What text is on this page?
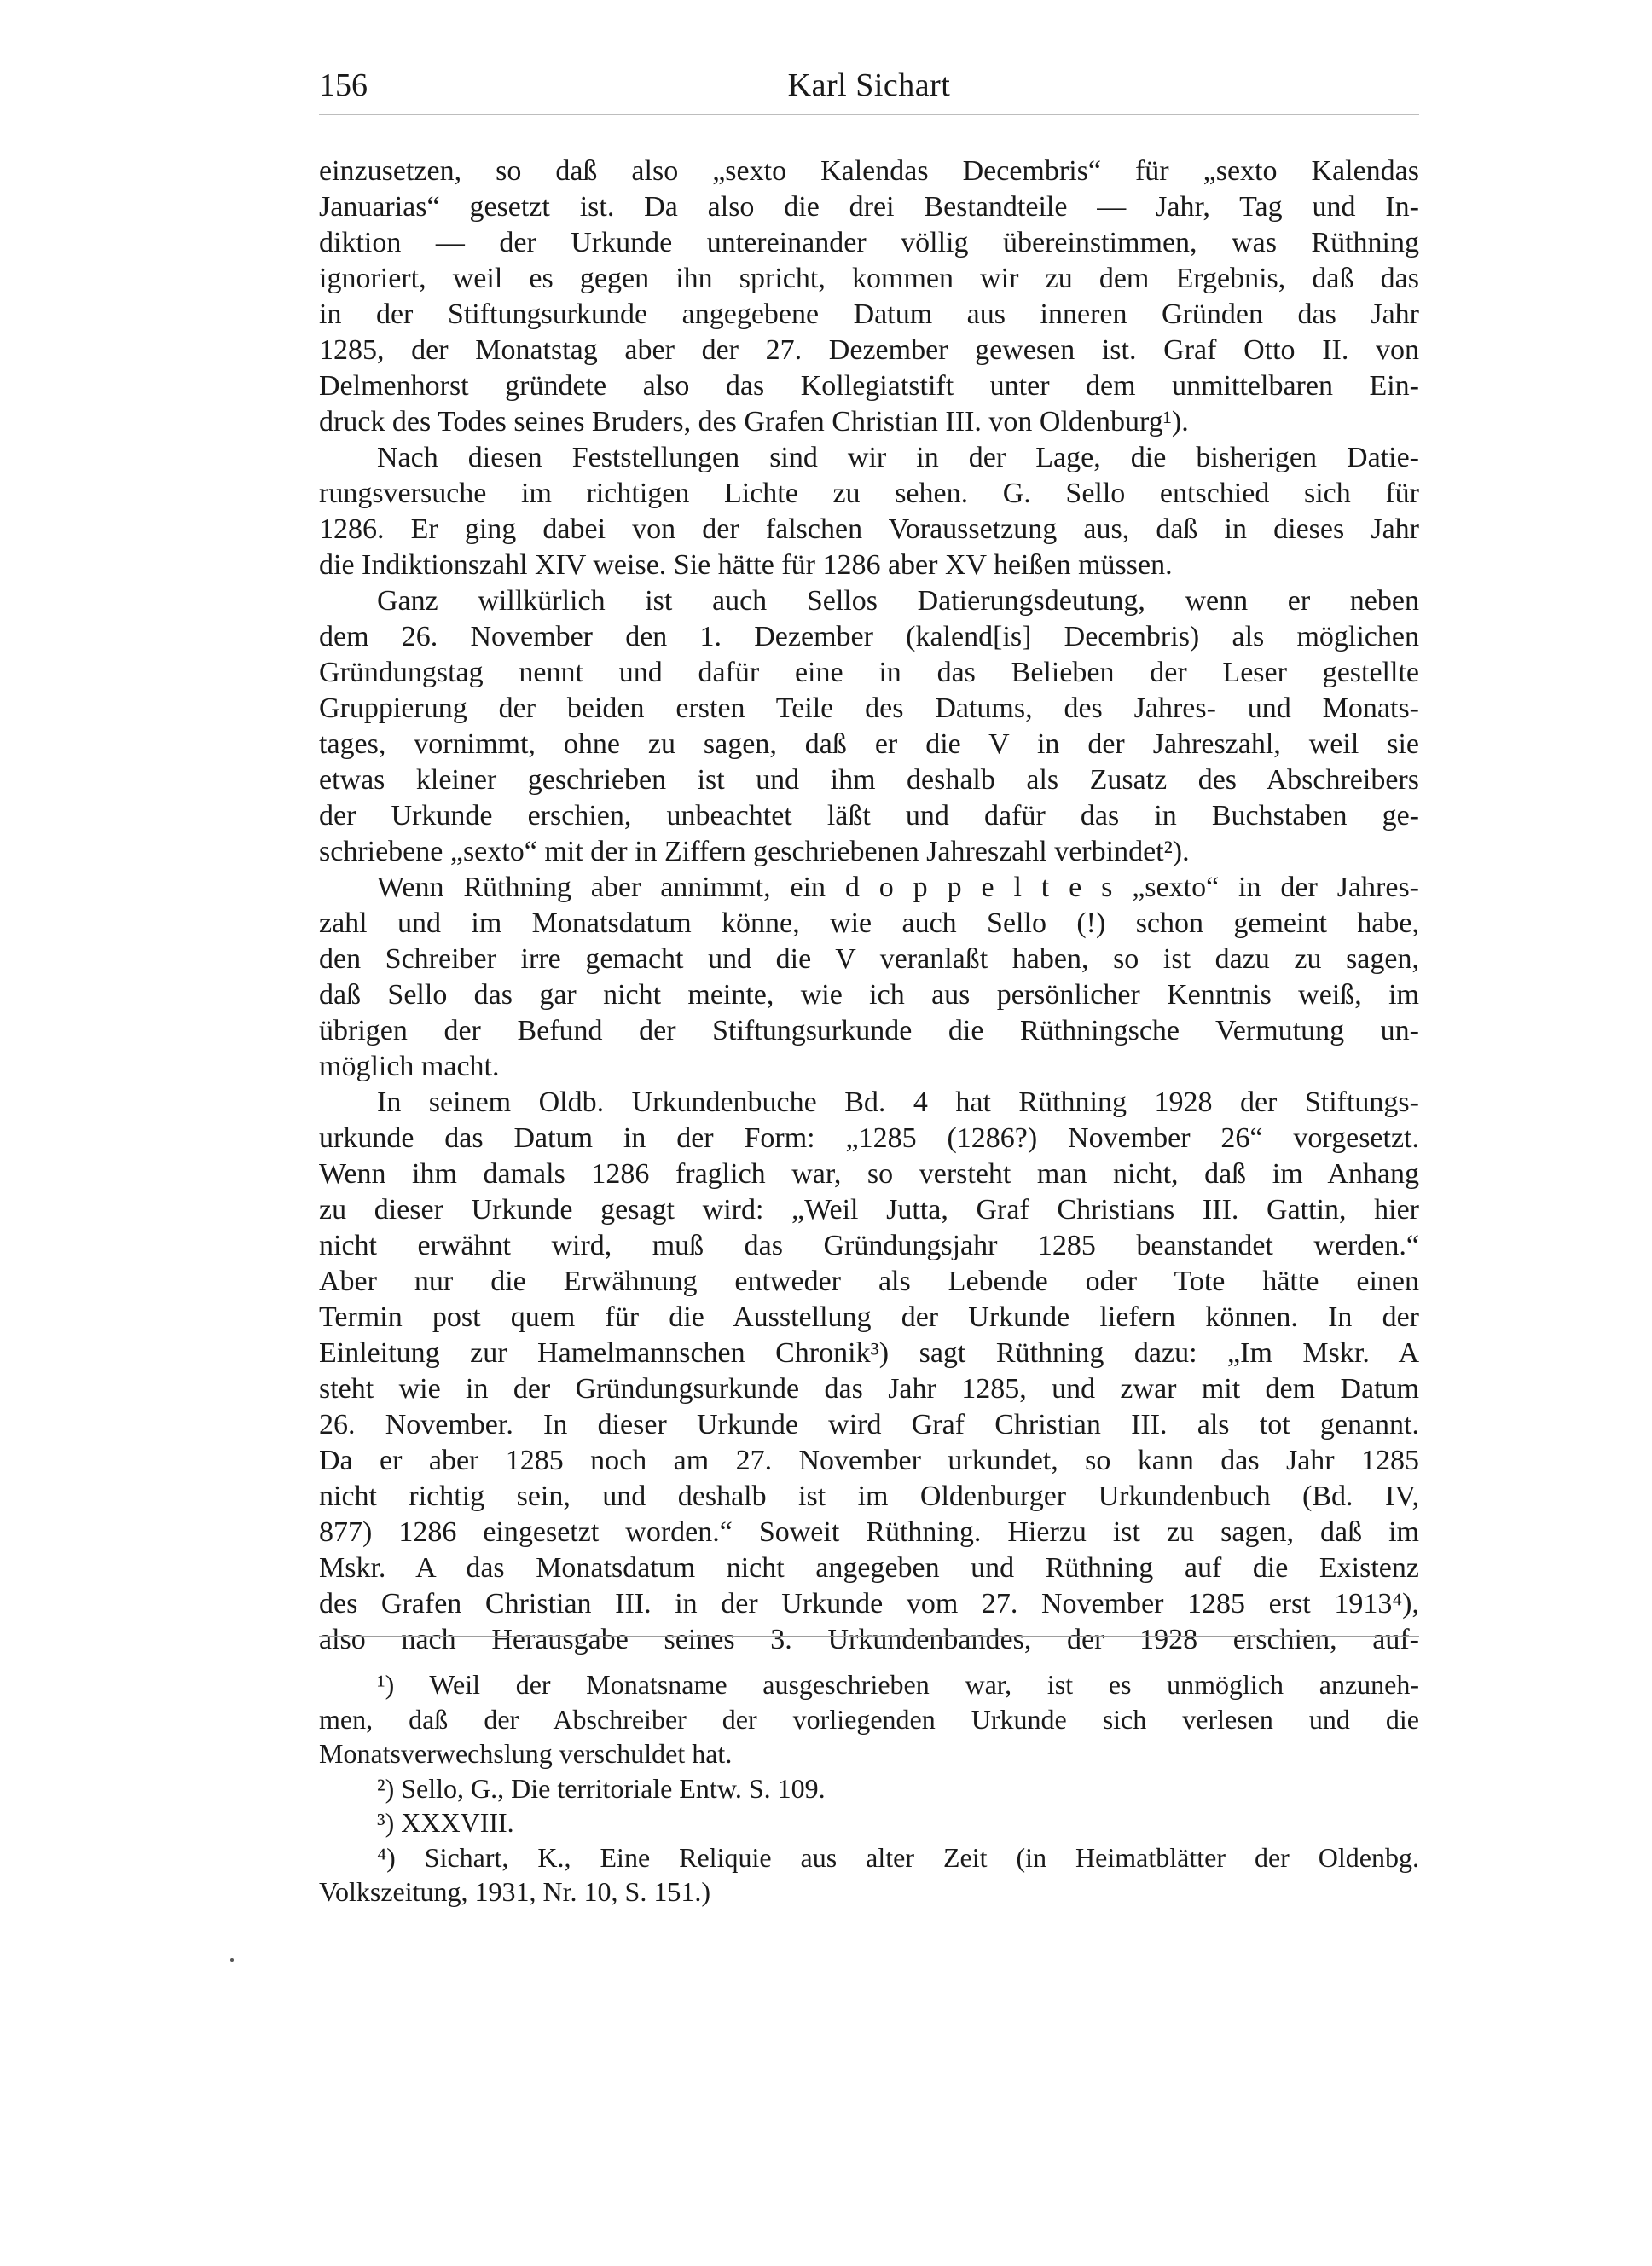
156	Karl Sichart
einzusetzen, so daß also „sexto Kalendas Decembris“ für „sexto Kalendas
Januarias“ gesetzt ist. Da also die drei Bestandteile — Jahr, Tag und In-
diktion — der Urkunde untereinander völlig übereinstimmen, was Rüthning
ignoriert, weil es gegen ihn spricht, kommen wir zu dem Ergebnis, daß das
in der Stiftungsurkunde angegebene Datum aus inneren Gründen das Jahr
1285, der Monatstag aber der 27. Dezember gewesen ist. Graf Otto II. von
Delmenhorst gründete also das Kollegiatstift unter dem unmittelbaren Ein-
druck des Todes seines Bruders, des Grafen Christian III. von Oldenburg¹).
Nach diesen Feststellungen sind wir in der Lage, die bisherigen Datie-
rungsversuche im richtigen Lichte zu sehen. G. Sello entschied sich für
1286. Er ging dabei von der falschen Voraussetzung aus, daß in dieses Jahr
die Indiktionszahl XIV weise. Sie hätte für 1286 aber XV heißen müssen.
Ganz willkürlich ist auch Sellos Datierungsdeutung, wenn er neben
dem 26. November den 1. Dezember (kalend[is] Decembris) als möglichen
Gründungstag nennt und dafür eine in das Belieben der Leser gestellte
Gruppierung der beiden ersten Teile des Datums, des Jahres- und Monats-
tages, vornimmt, ohne zu sagen, daß er die V in der Jahreszahl, weil sie
etwas kleiner geschrieben ist und ihm deshalb als Zusatz des Abschreibers
der Urkunde erschien, unbeachtet läßt und dafür das in Buchstaben ge-
schriebene „sexto“ mit der in Ziffern geschriebenen Jahreszahl verbindet²).
Wenn Rüthning aber annimmt, ein d o p p e l t e s „sexto“ in der Jahres-
zahl und im Monatsdatum könne, wie auch Sello (!) schon gemeint habe,
den Schreiber irre gemacht und die V veranlaßt haben, so ist dazu zu sagen,
daß Sello das gar nicht meinte, wie ich aus persönlicher Kenntnis weiß, im
übrigen der Befund der Stiftungsurkunde die Rüthningsche Vermutung un-
möglich macht.
In seinem Oldb. Urkundenbuche Bd. 4 hat Rüthning 1928 der Stiftungs-
urkunde das Datum in der Form: „1285 (1286?) November 26“ vorgesetzt.
Wenn ihm damals 1286 fraglich war, so versteht man nicht, daß im Anhang
zu dieser Urkunde gesagt wird: „Weil Jutta, Graf Christians III. Gattin, hier
nicht erwähnt wird, muß das Gründungsjahr 1285 beanstandet werden.“
Aber nur die Erwähnung entweder als Lebende oder Tote hätte einen
Termin post quem für die Ausstellung der Urkunde liefern können. In der
Einleitung zur Hamelmannschen Chronik³) sagt Rüthning dazu: „Im Mskr. A
steht wie in der Gründungsurkunde das Jahr 1285, und zwar mit dem Datum
26. November. In dieser Urkunde wird Graf Christian III. als tot genannt.
Da er aber 1285 noch am 27. November urkundet, so kann das Jahr 1285
nicht richtig sein, und deshalb ist im Oldenburger Urkundenbuch (Bd. IV,
877) 1286 eingesetzt worden.“ Soweit Rüthning. Hierzu ist zu sagen, daß im
Mskr. A das Monatsdatum nicht angegeben und Rüthning auf die Existenz
des Grafen Christian III. in der Urkunde vom 27. November 1285 erst 1913⁴),
also nach Herausgabe seines 3. Urkundenbandes, der 1928 erschien, auf-
¹) Weil der Monatsname ausgeschrieben war, ist es unmöglich anzuneh-
men, daß der Abschreiber der vorliegenden Urkunde sich verlesen und die
Monatsverwechslung verschuldet hat.
²) Sello, G., Die territoriale Entw. S. 109.
³) XXXVIII.
⁴) Sichart, K., Eine Reliquie aus alter Zeit (in Heimatblätter der Oldenbg.
Volkszeitung, 1931, Nr. 10, S. 151.)
